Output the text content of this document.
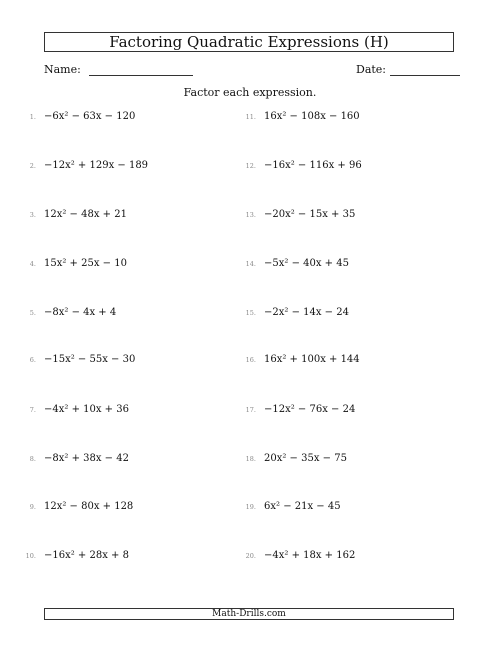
Factoring Quadratic Expressions (H)
Name:	Date:
Factor each expression.
1. −6x² − 63x − 120
2. −12x² + 129x − 189
3. 12x² − 48x + 21
4. 15x² + 25x − 10
5. −8x² − 4x + 4
6. −15x² − 55x − 30
7. −4x² + 10x + 36
8. −8x² + 38x − 42
9. 12x² − 80x + 128
10. −16x² + 28x + 8
11. 16x² − 108x − 160
12. −16x² − 116x + 96
13. −20x² − 15x + 35
14. −5x² − 40x + 45
15. −2x² − 14x − 24
16. 16x² + 100x + 144
17. −12x² − 76x − 24
18. 20x² − 35x − 75
19. 6x² − 21x − 45
20. −4x² + 18x + 162
Math-Drills.com
